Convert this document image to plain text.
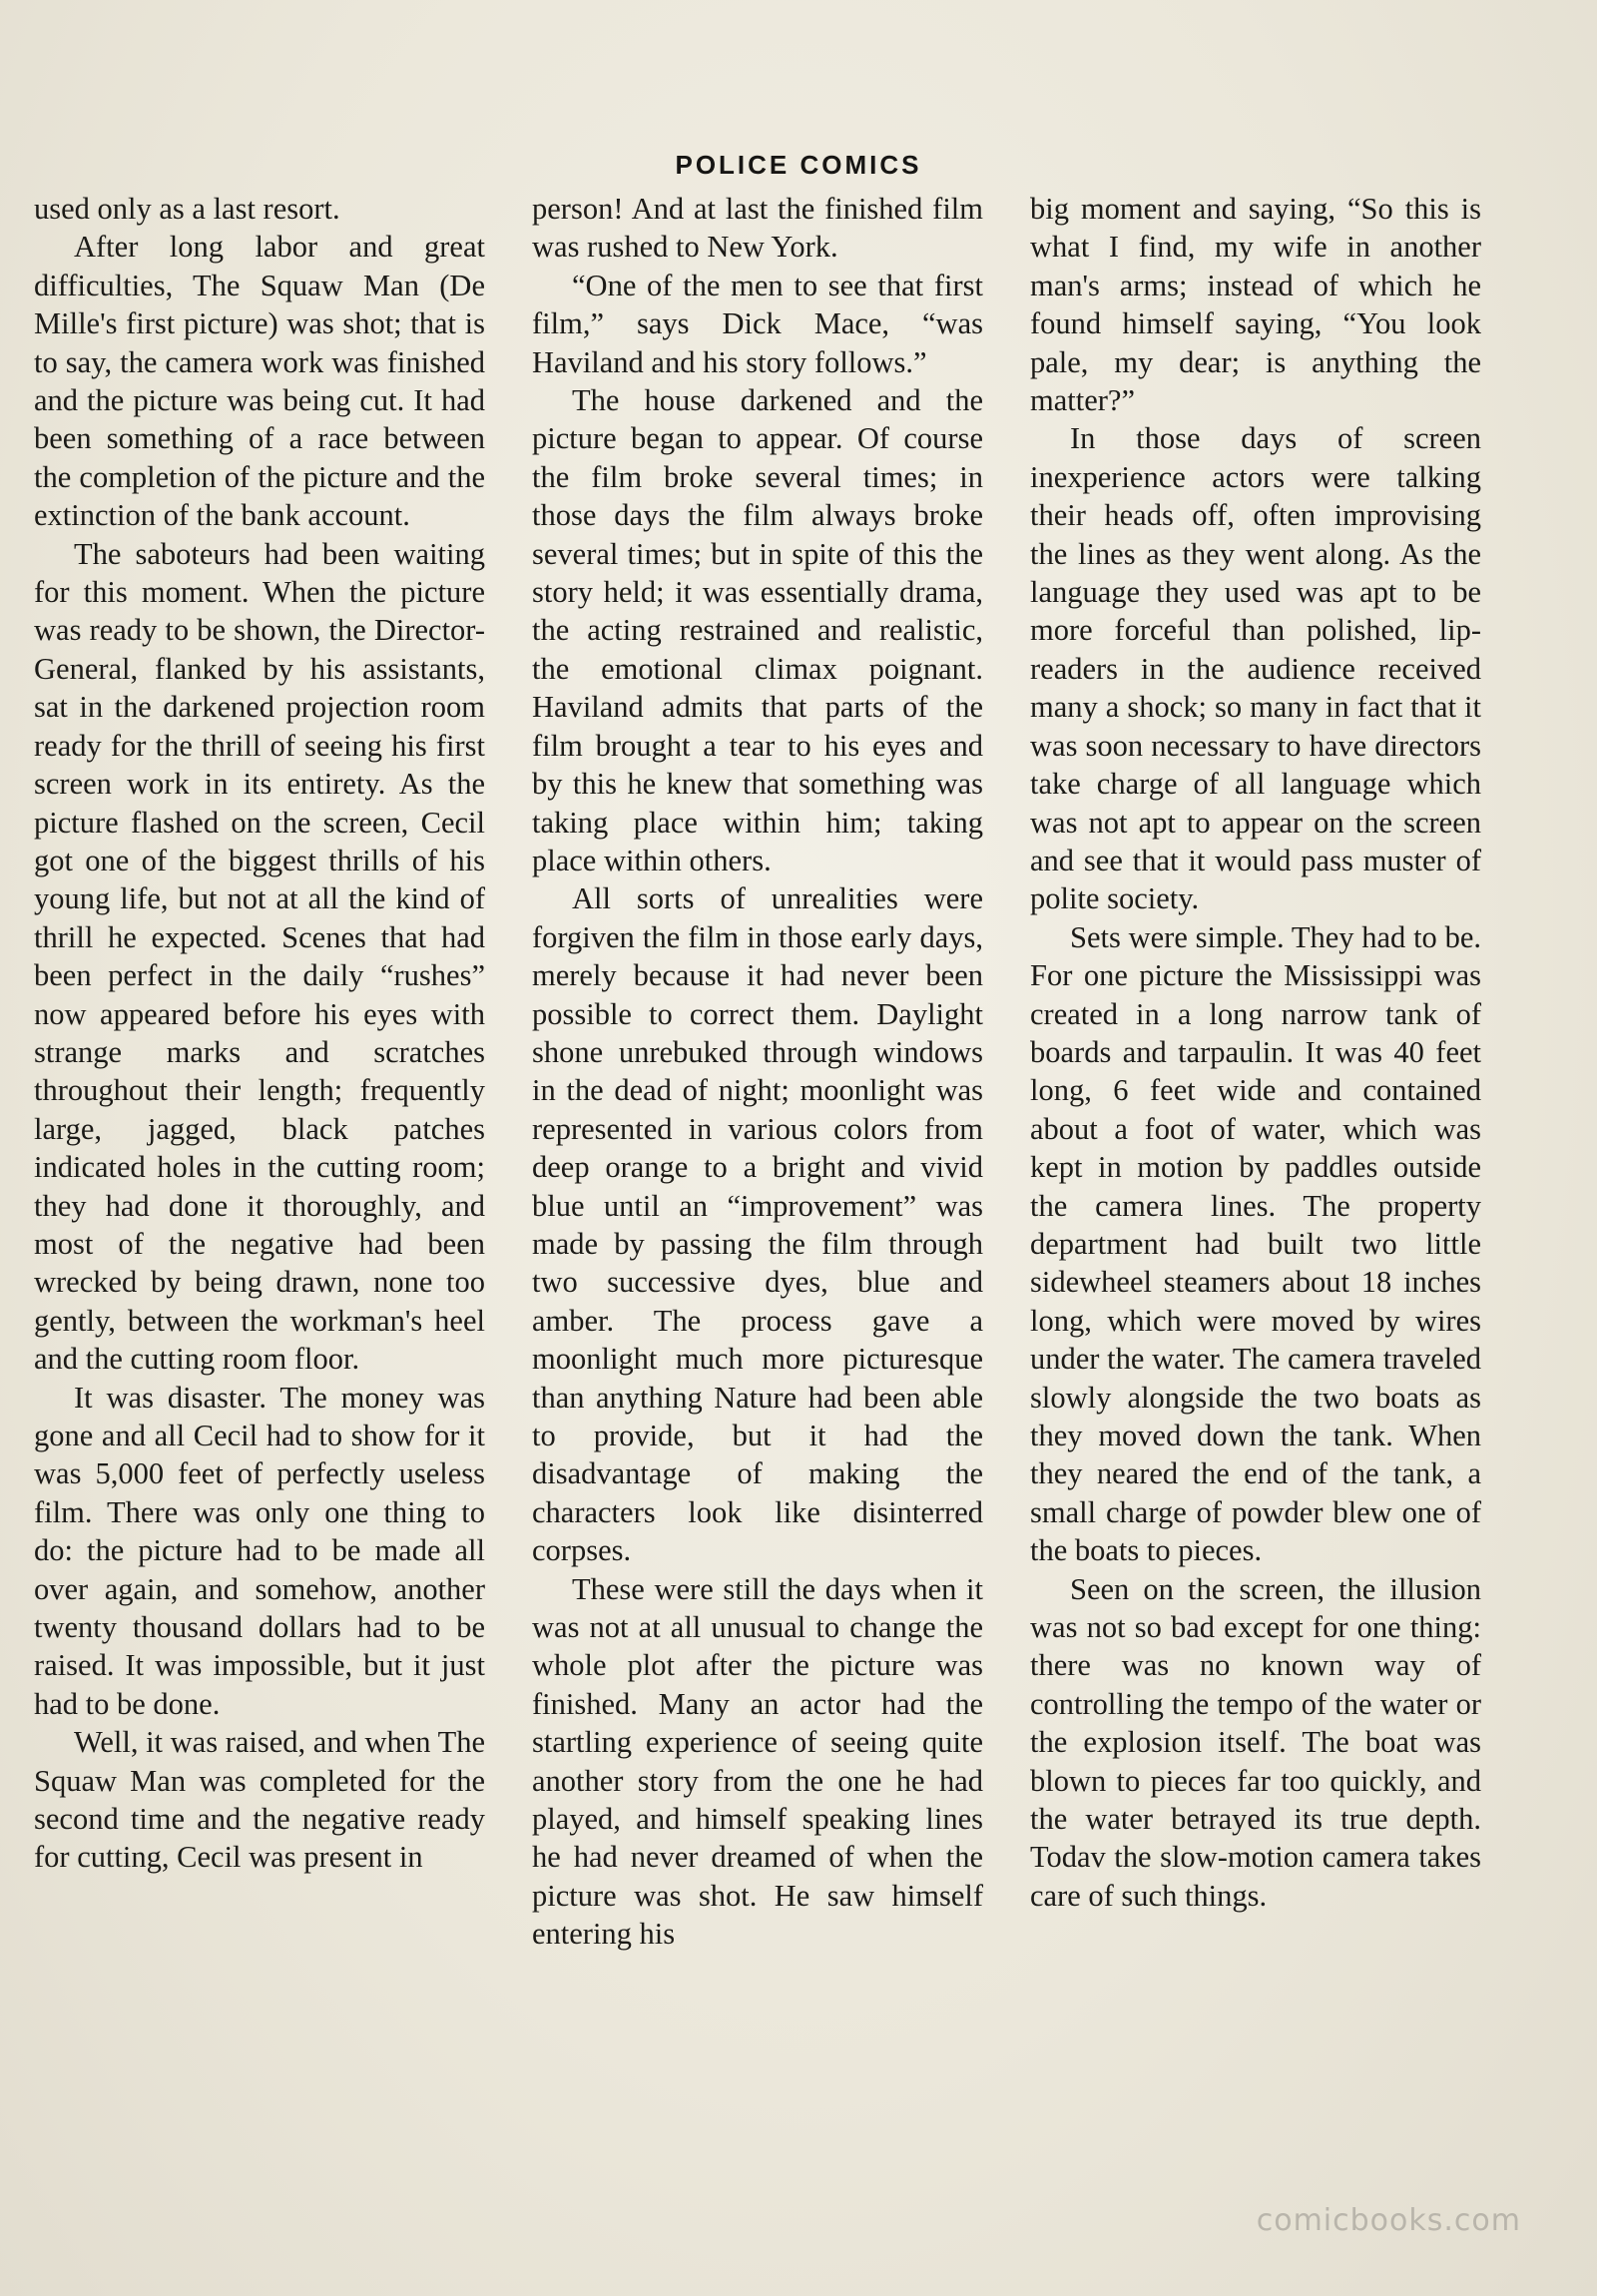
POLICE COMICS

used only as a last resort.

After long labor and great difficulties, The Squaw Man (De Mille's first picture) was shot; that is to say, the camera work was finished and the picture was being cut. It had been something of a race between the completion of the picture and the extinction of the bank account.

The saboteurs had been waiting for this moment. When the picture was ready to be shown, the Director-General, flanked by his assistants, sat in the darkened projection room ready for the thrill of seeing his first screen work in its entirety. As the picture flashed on the screen, Cecil got one of the biggest thrills of his young life, but not at all the kind of thrill he expected. Scenes that had been perfect in the daily “rushes” now appeared before his eyes with strange marks and scratches throughout their length; frequently large, jagged, black patches indicated holes in the cutting room; they had done it thoroughly, and most of the negative had been wrecked by being drawn, none too gently, between the workman's heel and the cutting room floor.

It was disaster. The money was gone and all Cecil had to show for it was 5,000 feet of perfectly useless film. There was only one thing to do: the picture had to be made all over again, and somehow, another twenty thousand dollars had to be raised. It was impossible, but it just had to be done.

Well, it was raised, and when The Squaw Man was completed for the second time and the negative ready for cutting, Cecil was present in

person! And at last the finished film was rushed to New York.

“One of the men to see that first film,” says Dick Mace, “was Haviland and his story follows.”

The house darkened and the picture began to appear. Of course the film broke several times; in those days the film always broke several times; but in spite of this the story held; it was essentially drama, the acting restrained and realistic, the emotional climax poignant. Haviland admits that parts of the film brought a tear to his eyes and by this he knew that something was taking place within him; taking place within others.

All sorts of unrealities were forgiven the film in those early days, merely because it had never been possible to correct them. Daylight shone unrebuked through windows in the dead of night; moonlight was represented in various colors from deep orange to a bright and vivid blue until an “improvement” was made by passing the film through two successive dyes, blue and amber. The process gave a moonlight much more picturesque than anything Nature had been able to provide, but it had the disadvantage of making the characters look like disinterred corpses.

These were still the days when it was not at all unusual to change the whole plot after the picture was finished. Many an actor had the startling experience of seeing quite another story from the one he had played, and himself speaking lines he had never dreamed of when the picture was shot. He saw himself entering his

big moment and saying, “So this is what I find, my wife in another man's arms; instead of which he found himself saying, “You look pale, my dear; is anything the matter?”

In those days of screen inexperience actors were talking their heads off, often improvising the lines as they went along. As the language they used was apt to be more forceful than polished, lip-readers in the audience received many a shock; so many in fact that it was soon necessary to have directors take charge of all language which was not apt to appear on the screen and see that it would pass muster of polite society.

Sets were simple. They had to be. For one picture the Mississippi was created in a long narrow tank of boards and tarpaulin. It was 40 feet long, 6 feet wide and contained about a foot of water, which was kept in motion by paddles outside the camera lines. The property department had built two little sidewheel steamers about 18 inches long, which were moved by wires under the water. The camera traveled slowly alongside the two boats as they moved down the tank. When they neared the end of the tank, a small charge of powder blew one of the boats to pieces.

Seen on the screen, the illusion was not so bad except for one thing: there was no known way of controlling the tempo of the water or the explosion itself. The boat was blown to pieces far too quickly, and the water betrayed its true depth. Todav the slow-motion camera takes care of such things.

comicbooks.com
